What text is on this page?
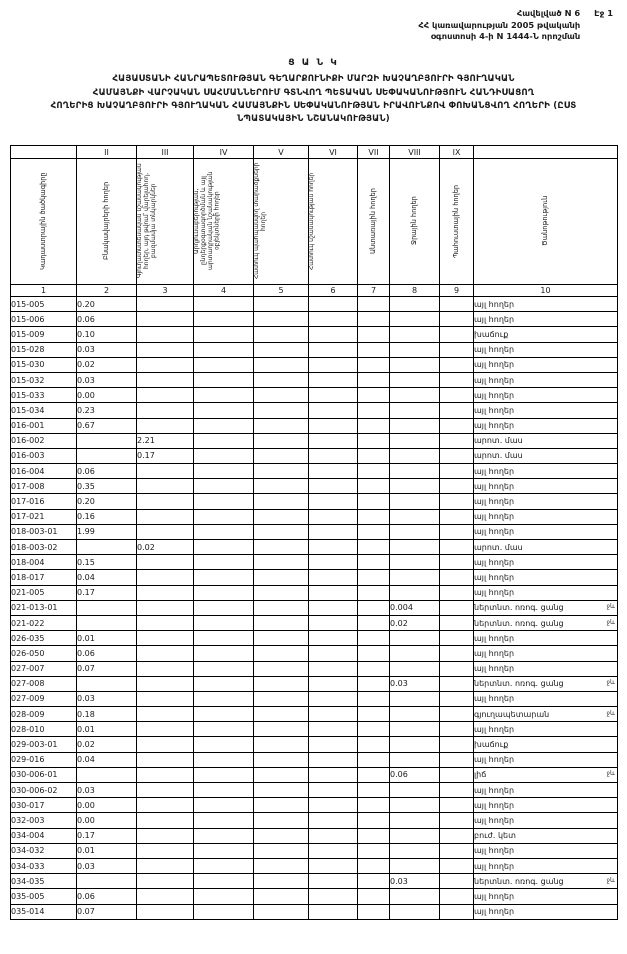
Հավելված N 6
ՀՀ կառավարության 2005 թվականի
օգոստոսի 4-ի N 1444-Ն որոշման
Էջ 1
Ց Ա Ն Կ
ՀԱՅԱՍՏԱՆԻ ՀԱՆՐԱՊԵՏՈՒԹՅԱՆ ԳԵՂԱՐՔՈՒՆԻՔԻ ՄԱՐԶԻ ԽԱՉԱՂԲՅՈՒՐԻ ԳՅՈՒՂԱԿԱՆ
ՀԱՄԱՅՆՔԻ ՎԱՐՉԱԿԱՆ ՍԱՀՄԱՆՆԵՐՈՒՄ ԳՏՆՎՈՂ ՊԵՏԱԿԱՆ ՍԵՓԱԿԱՆՈՒԹՅՈՒՆ ՀԱՆԴԻՍԱՑՈՂ
ՀՈՂԵՐԻՑ ԽԱՉԱՂԲՅՈՒՐԻ ԳՅՈՒՂԱԿԱՆ ՀԱՄԱՅՆՔԻՆ ՍԵՓԱԿԱՆՈՒԹՅԱՆ ԻՐԱՎՈՒՆՔՈՎ ՓՈԽԱՆՑՎՈՂ ՀՈՂԵՐԻ (ԸՍՏ
ՆՊԱՏԱԿԱՅԻՆ ՆՇԱՆԱԿՈՒԹՅԱՆ)
	II	III	IV	V	VI	VII	VIII	IX	
Կադաստրային ծածկագիրը	Բնակավայրերի հողեր	Գյուղատնտեսական նշանակության հողեր, այդ թվում՝ վարելահող, բազմամյա տնկարկներ	Արդյունաբերության, ընդերքօգտագործման և այլ արտադրական նշանակության օբյեկտների հողեր	Հատուկ պահպանվող տարածքների հողեր	Հատուկ նշանակության հողեր	Անտառային հողեր	Ջրային հողեր	Պահուստային հողեր	Ծանոթություն
1	2	3	4	5	6	7	8	9	10
015-005	0.20								այլ հողեր
015-006	0.06								այլ հողեր
015-009	0.10								խաճուք
015-028	0.03								այլ հողեր
015-030	0.02								այլ հողեր
015-032	0.03								այլ հողեր
015-033	0.00								այլ հողեր
015-034	0.23								այլ հողեր
016-001	0.67								այլ հողեր
016-002		2.21							արոտ. մաս
016-003		0.17							արոտ. մաս
016-004	0.06								այլ հողեր
017-008	0.35								այլ հողեր
017-016	0.20								այլ հողեր
017-021	0.16								այլ հողեր
018-003-01	1.99								այլ հողեր
018-003-02		0.02							արոտ. մաս
018-004	0.15								այլ հողեր
018-017	0.04								այլ հողեր
021-005	0.17								այլ հողեր
021-013-01							0.004		ներտնտ. ոռոգ. ցանց ջև

021-022							0.02		ներտնտ. ոռոգ. ցանց ջև

026-035	0.01								այլ հողեր
026-050	0.06								այլ հողեր
027-007	0.07								այլ հողեր
027-008							0.03		ներտնտ. ոռոգ. ցանց ջև

027-009	0.03								այլ հողեր
028-009	0.18								գյուղապետարան ջև

028-010	0.01								այլ հողեր
029-003-01	0.02								խաճուք
029-016	0.04								այլ հողեր
030-006-01							0.06		լիճ ջև

030-006-02	0.03								այլ հողեր
030-017	0.00								այլ հողեր
032-003	0.00								այլ հողեր
034-004	0.17								բուժ. կետ
034-032	0.01								այլ հողեր
034-033	0.03								այլ հողեր
034-035							0.03		ներտնտ. ոռոգ. ցանց ջև

035-005	0.06								այլ հողեր
035-014	0.07								այլ հողեր
